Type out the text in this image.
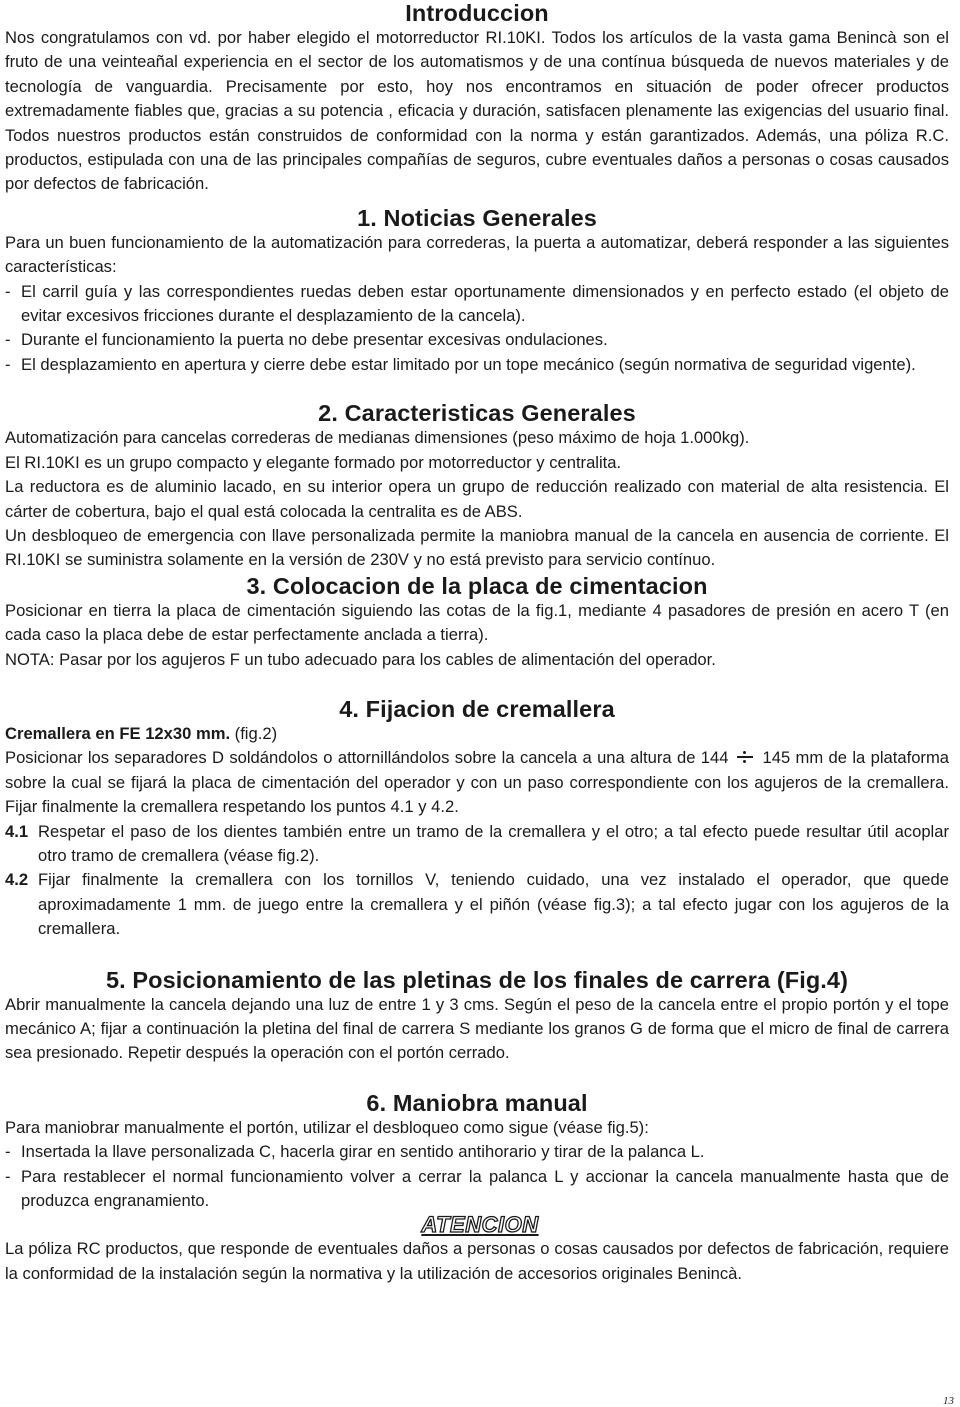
Introduccion

Nos congratulamos con vd. por haber elegido el motorreductor RI.10KI. Todos los artículos de la vasta gama Benincà son el fruto de una veinteañal experiencia en el sector de los automatismos y de una contínua búsqueda de nuevos materiales y de tecnología de vanguardia. Precisamente por esto, hoy nos encontramos en situación de poder ofrecer productos extremadamente fiables que, gracias a su potencia , eficacia y duración, satisfacen plenamente las exigencias del usuario final. Todos nuestros productos están construidos de conformidad con la norma y están garantizados. Además, una póliza R.C. productos, estipulada con una de las principales compañías de seguros, cubre eventuales daños a personas o cosas causados por defectos de fabricación.

1. Noticias Generales

Para un buen funcionamiento de la automatización para correderas, la puerta a automatizar, deberá responder a las siguientes características:

- El carril guía y las correspondientes ruedas deben estar oportunamente dimensionados y en perfecto estado (el objeto de evitar excesivos fricciones durante el desplazamiento de la cancela).
- Durante el funcionamiento la puerta no debe presentar excesivas ondulaciones.
- El desplazamiento en apertura y cierre debe estar limitado por un tope mecánico (según normativa de seguridad vigente).
2. Caracteristicas Generales

Automatización para cancelas correderas de medianas dimensiones (peso máximo de hoja 1.000kg).

El RI.10KI es un grupo compacto y elegante formado por motorreductor y centralita.

La reductora es de aluminio lacado, en su interior opera un grupo de reducción realizado con material de alta resistencia. El cárter de cobertura, bajo el qual está colocada la centralita es de ABS.

Un desbloqueo de emergencia con llave personalizada permite la maniobra manual de la cancela en ausencia de corriente. El RI.10KI se suministra solamente en la versión de 230V y no está previsto para servicio contínuo.

3. Colocacion de la placa de cimentacion

Posicionar en tierra la placa de cimentación siguiendo las cotas de la fig.1, mediante 4 pasadores de presión en acero T (en cada caso la placa debe de estar perfectamente anclada a tierra).

NOTA: Pasar por los agujeros F un tubo adecuado para los cables de alimentación del operador.

4. Fijacion de cremallera

Cremallera en FE 12x30 mm. (fig.2)

Posicionar los separadores D soldándolos o attornillándolos sobre la cancela a una altura de 144 145 mm de la plataforma sobre la cual se fijará la placa de cimentación del operador y con un paso correspondiente con los agujeros de la cremallera. Fijar finalmente la cremallera respetando los puntos 4.1 y 4.2.

4.1 Respetar el paso de los dientes también entre un tramo de la cremallera y el otro; a tal efecto puede resultar útil acoplar otro tramo de cremallera (véase fig.2).
4.2 Fijar finalmente la cremallera con los tornillos V, teniendo cuidado, una vez instalado el operador, que quede aproximadamente 1 mm. de juego entre la cremallera y el piñón (véase fig.3); a tal efecto jugar con los agujeros de la cremallera.
5. Posicionamiento de las pletinas de los finales de carrera (Fig.4)

Abrir manualmente la cancela dejando una luz de entre 1 y 3 cms. Según el peso de la cancela entre el propio portón y el tope mecánico A; fijar a continuación la pletina del final de carrera S mediante los granos G de forma que el micro de final de carrera sea presionado. Repetir después la operación con el portón cerrado.

6. Maniobra manual

Para maniobrar manualmente el portón, utilizar el desbloqueo como sigue (véase fig.5):

- Insertada la llave personalizada C, hacerla girar en sentido antihorario y tirar de la palanca L.
- Para restablecer el normal funcionamiento volver a cerrar la palanca L y accionar la cancela manualmente hasta que de produzca engranamiento.
ATENCION

La póliza RC productos, que responde de eventuales daños a personas o cosas causados por defectos de fabricación, requiere la conformidad de la instalación según la normativa y la utilización de accesorios originales Benincà.

13
